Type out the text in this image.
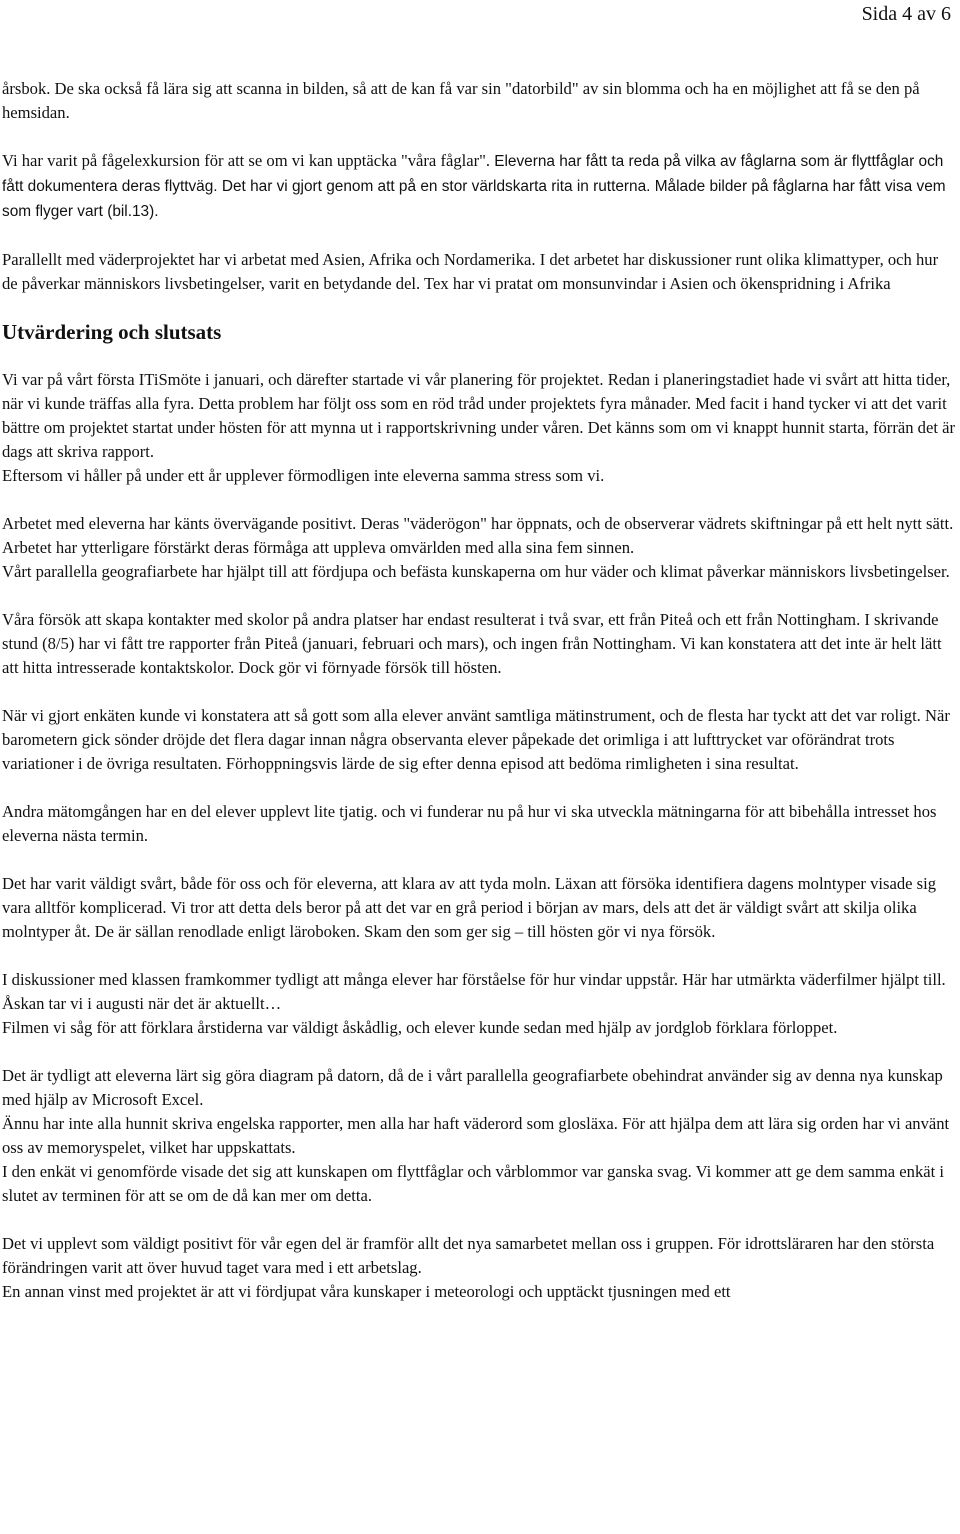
Sida 4 av 6

årsbok. De ska också få lära sig att scanna in bilden, så att de kan få var sin "datorbild" av sin blomma och ha en möjlighet att få se den på hemsidan.

Vi har varit på fågelexkursion för att se om vi kan upptäcka "våra fåglar". Eleverna har fått ta reda på vilka av fåglarna som är flyttfåglar och fått dokumentera deras flyttväg. Det har vi gjort genom att på en stor världskarta rita in rutterna. Målade bilder på fåglarna har fått visa vem som flyger vart (bil.13).

Parallellt med väderprojektet har vi arbetat med Asien, Afrika och Nordamerika. I det arbetet har diskussioner runt olika klimattyper, och hur de påverkar människors livsbetingelser, varit en betydande del. Tex har vi pratat om monsunvindar i Asien och ökenspridning i Afrika

Utvärdering och slutsats

Vi var på vårt första ITiSmöte i januari, och därefter startade vi vår planering för projektet. Redan i planeringstadiet hade vi svårt att hitta tider, när vi kunde träffas alla fyra. Detta problem har följt oss som en röd tråd under projektets fyra månader. Med facit i hand tycker vi att det varit bättre om projektet startat under hösten för att mynna ut i rapportskrivning under våren. Det känns som om vi knappt hunnit starta, förrän det är dags att skriva rapport.

Eftersom vi håller på under ett år upplever förmodligen inte eleverna samma stress som vi.

Arbetet med eleverna har känts övervägande positivt. Deras "väderögon" har öppnats, och de observerar vädrets skiftningar på ett helt nytt sätt. Arbetet har ytterligare förstärkt deras förmåga att uppleva omvärlden med alla sina fem sinnen.

Vårt parallella geografiarbete har hjälpt till att fördjupa och befästa kunskaperna om hur väder och klimat påverkar människors livsbetingelser.

Våra försök att skapa kontakter med skolor på andra platser har endast resulterat i två svar, ett från Piteå och ett från Nottingham. I skrivande stund (8/5) har vi fått tre rapporter från Piteå (januari, februari och mars), och ingen från Nottingham. Vi kan konstatera att det inte är helt lätt att hitta intresserade kontaktskolor. Dock gör vi förnyade försök till hösten.

När vi gjort enkäten kunde vi konstatera att så gott som alla elever använt samtliga mätinstrument, och de flesta har tyckt att det var roligt. När barometern gick sönder dröjde det flera dagar innan några observanta elever påpekade det orimliga i att lufttrycket var oförändrat trots variationer i de övriga resultaten. Förhoppningsvis lärde de sig efter denna episod att bedöma rimligheten i sina resultat.

Andra mätomgången har en del elever upplevt lite tjatig. och vi funderar nu på hur vi ska utveckla mätningarna för att bibehålla intresset hos eleverna nästa termin.

Det har varit väldigt svårt, både för oss och för eleverna, att klara av att tyda moln. Läxan att försöka identifiera dagens molntyper visade sig vara alltför komplicerad. Vi tror att detta dels beror på att det var en grå period i början av mars, dels att det är väldigt svårt att skilja olika molntyper åt. De är sällan renodlade enligt läroboken. Skam den som ger sig – till hösten gör vi nya försök.

I diskussioner med klassen framkommer tydligt att många elever har förståelse för hur vindar uppstår. Här har utmärkta väderfilmer hjälpt till.

Åskan tar vi i augusti när det är aktuellt…

Filmen vi såg för att förklara årstiderna var väldigt åskådlig, och elever kunde sedan med hjälp av jordglob förklara förloppet.

Det är tydligt att eleverna lärt sig göra diagram på datorn, då de i vårt parallella geografiarbete obehindrat använder sig av denna nya kunskap med hjälp av Microsoft Excel.

Ännu har inte alla hunnit skriva engelska rapporter, men alla har haft väderord som glosläxa. För att hjälpa dem att lära sig orden har vi använt oss av memoryspelet, vilket har uppskattats.

I den enkät vi genomförde visade det sig att kunskapen om flyttfåglar och vårblommor var ganska svag. Vi kommer att ge dem samma enkät i slutet av terminen för att se om de då kan mer om detta.

Det vi upplevt som väldigt positivt för vår egen del är framför allt det nya samarbetet mellan oss i gruppen. För idrottsläraren har den största förändringen varit att över huvud taget vara med i ett arbetslag.

En annan vinst med projektet är att vi fördjupat våra kunskaper i meteorologi och upptäckt tjusningen med ett
